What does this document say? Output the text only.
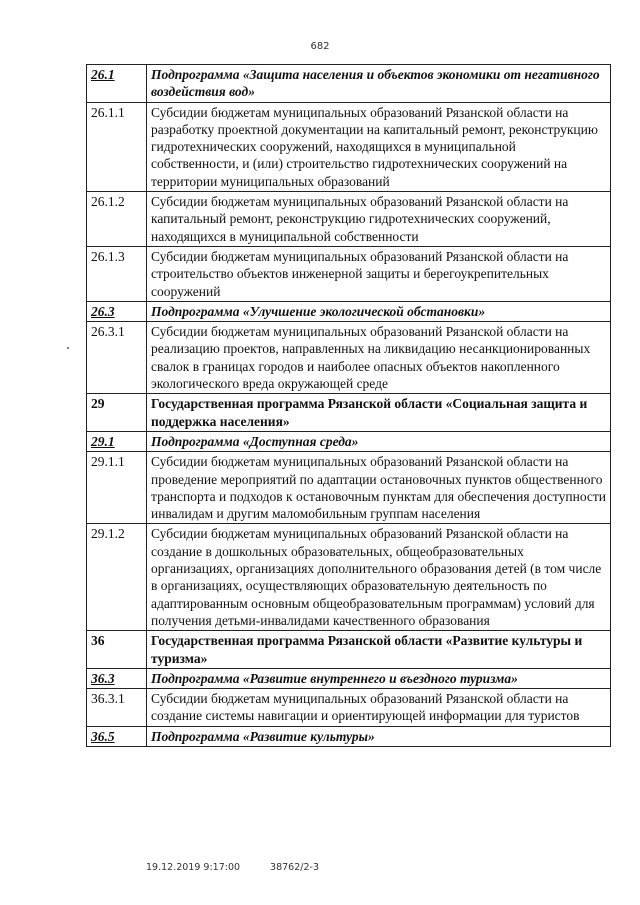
682
26.1	Подпрограмма «Защита населения и объектов экономики от негативного воздействия вод»
26.1.1	Субсидии бюджетам муниципальных образований Рязанской области на разработку проектной документации на капитальный ремонт, реконструкцию гидротехнических сооружений, находящихся в муниципальной собственности, и (или) строительство гидротехнических сооружений на территории муниципальных образований
26.1.2	Субсидии бюджетам муниципальных образований Рязанской области на капитальный ремонт, реконструкцию гидротехнических сооружений, находящихся в муниципальной собственности
26.1.3	Субсидии бюджетам муниципальных образований Рязанской области на строительство объектов инженерной защиты и берегоукрепительных сооружений
26.3	Подпрограмма «Улучшение экологической обстановки»
26.3.1	Субсидии бюджетам муниципальных образований Рязанской области на реализацию проектов, направленных на ликвидацию несанкционированных свалок в границах городов и наиболее опасных объектов накопленного экологического вреда окружающей среде
29	Государственная программа Рязанской области «Социальная защита и поддержка населения»
29.1	Подпрограмма «Доступная среда»
29.1.1	Субсидии бюджетам муниципальных образований Рязанской области на проведение мероприятий по адаптации остановочных пунктов общественного транспорта и подходов к остановочным пунктам для обеспечения доступности инвалидам и другим маломобильным группам населения
29.1.2	Субсидии бюджетам муниципальных образований Рязанской области на создание в дошкольных образовательных, общеобразовательных организациях, организациях дополнительного образования детей (в том числе в организациях, осуществляющих образовательную деятельность по адаптированным основным общеобразовательным программам) условий для получения детьми-инвалидами качественного образования
36	Государственная программа Рязанской области «Развитие культуры и туризма»
36.3	Подпрограмма «Развитие внутреннего и въездного туризма»
36.3.1	Субсидии бюджетам муниципальных образований Рязанской области на создание системы навигации и ориентирующей информации для туристов
36.5	Подпрограмма «Развитие культуры»
19.12.2019 9:17:00	38762/2-3
